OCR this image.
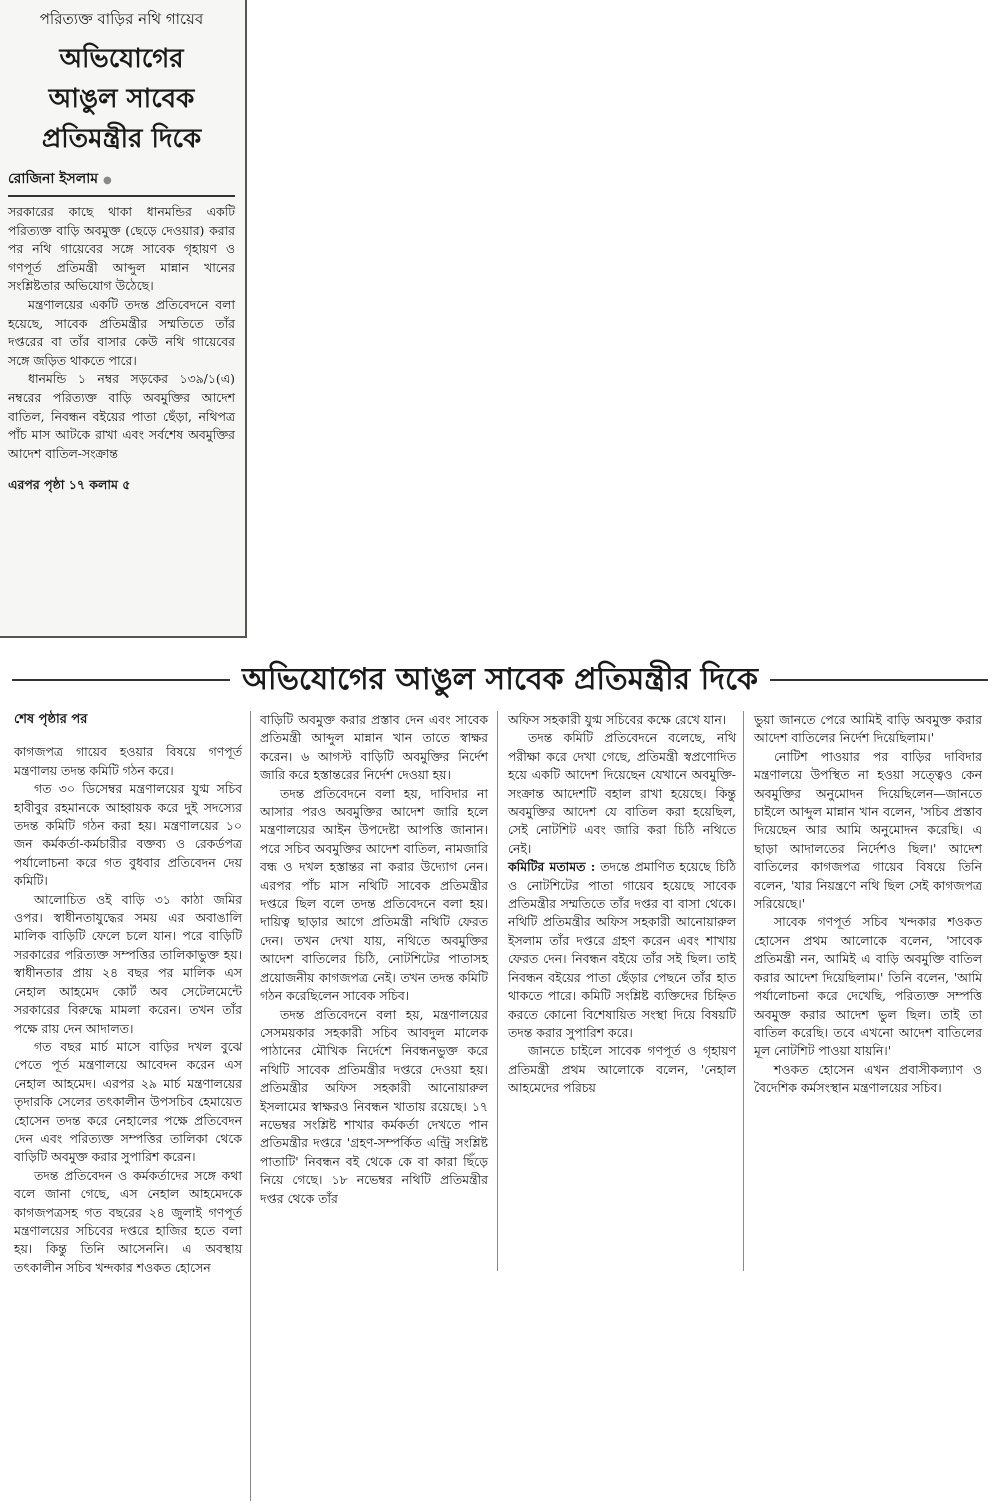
পরিত্যক্ত বাড়ির নথি গায়েব
অভিযোগের
আঙুল সাবেক
প্রতিমন্ত্রীর দিকে
রোজিনা ইসলাম ●

সরকারের কাছে থাকা ধানমন্ডির একটি পরিত্যক্ত বাড়ি অবমুক্ত (ছেড়ে দেওয়ার) করার পর নথি গায়েবের সঙ্গে সাবেক গৃহায়ণ ও গণপূর্ত প্রতিমন্ত্রী আব্দুল মান্নান খানের সংশ্লিষ্টতার অভিযোগ উঠেছে।

মন্ত্রণালয়ের একটি তদন্ত প্রতিবেদনে বলা হয়েছে, সাবেক প্রতিমন্ত্রীর সম্মতিতে তাঁর দপ্তরের বা তাঁর বাসার কেউ নথি গায়েবের সঙ্গে জড়িত থাকতে পারে।

ধানমন্ডি ১ নম্বর সড়কের ১৩৯/১(এ) নম্বরের পরিত্যক্ত বাড়ি অবমুক্তির আদেশ বাতিল, নিবন্ধন বইয়ের পাতা ছেঁড়া, নথিপত্র পাঁচ মাস আটকে রাখা এবং সর্বশেষ অবমুক্তির আদেশ বাতিল-সংক্রান্ত

এরপর পৃষ্ঠা ১৭ কলাম ৫
অভিযোগের আঙুল সাবেক প্রতিমন্ত্রীর দিকে

শেষ পৃষ্ঠার পর

কাগজপত্র গায়েব হওয়ার বিষয়ে গণপূর্ত মন্ত্রণালয় তদন্ত কমিটি গঠন করে।

গত ৩০ ডিসেম্বর মন্ত্রণালয়ের যুগ্ম সচিব হাবীবুর রহমানকে আহ্বায়ক করে দুই সদস্যের তদন্ত কমিটি গঠন করা হয়। মন্ত্রণালয়ের ১০ জন কর্মকর্তা-কর্মচারীর বক্তব্য ও রেকর্ডপত্র পর্যালোচনা করে গত বুধবার প্রতিবেদন দেয় কমিটি।

আলোচিত ওই বাড়ি ৩১ কাঠা জমির ওপর। স্বাধীনতাযুদ্ধের সময় এর অবাঙালি মালিক বাড়িটি ফেলে চলে যান। পরে বাড়িটি সরকারের পরিত্যক্ত সম্পত্তির তালিকাভুক্ত হয়। স্বাধীনতার প্রায় ২৪ বছর পর মালিক এস নেহাল আহমেদ কোর্ট অব সেটেলমেন্টে সরকারের বিরুদ্ধে মামলা করেন। তখন তাঁর পক্ষে রায় দেন আদালত।

গত বছর মার্চ মাসে বাড়ির দখল বুঝে পেতে পূর্ত মন্ত্রণালয়ে আবেদন করেন এস নেহাল আহমেদ। এরপর ২৯ মার্চ মন্ত্রণালয়ের তৃদারকি সেলের তৎকালীন উপসচিব হেমায়েত হোসেন তদন্ত করে নেহালের পক্ষে প্রতিবেদন দেন এবং পরিত্যক্ত সম্পত্তির তালিকা থেকে বাড়িটি অবমুক্ত করার সুপারিশ করেন।

তদন্ত প্রতিবেদন ও কর্মকর্তাদের সঙ্গে কথা বলে জানা গেছে, এস নেহাল আহমেদকে কাগজপত্রসহ গত বছরের ২৪ জুলাই গণপূর্ত মন্ত্রণালয়ের সচিবের দপ্তরে হাজির হতে বলা হয়। কিন্তু তিনি আসেননি। এ অবস্থায় তৎকালীন সচিব খন্দকার শওকত হোসেন

বাড়িটি অবমুক্ত করার প্রস্তাব দেন এবং সাবেক প্রতিমন্ত্রী আব্দুল মান্নান খান তাতে স্বাক্ষর করেন। ৬ আগস্ট বাড়িটি অবমুক্তির নির্দেশ জারি করে হস্তান্তরের নির্দেশ দেওয়া হয়।

তদন্ত প্রতিবেদনে বলা হয়, দাবিদার না আসার পরও অবমুক্তির আদেশ জারি হলে মন্ত্রণালয়ের আইন উপদেষ্টা আপত্তি জানান। পরে সচিব অবমুক্তির আদেশ বাতিল, নামজারি বন্ধ ও দখল হস্তান্তর না করার উদ্যোগ নেন। এরপর পাঁচ মাস নথিটি সাবেক প্রতিমন্ত্রীর দপ্তরে ছিল বলে তদন্ত প্রতিবেদনে বলা হয়। দায়িত্ব ছাড়ার আগে প্রতিমন্ত্রী নথিটি ফেরত দেন। তখন দেখা যায়, নথিতে অবমুক্তির আদেশ বাতিলের চিঠি, নোটশিটের পাতাসহ প্রয়োজনীয় কাগজপত্র নেই। তখন তদন্ত কমিটি গঠন করেছিলেন সাবেক সচিব।

তদন্ত প্রতিবেদনে বলা হয়, মন্ত্রণালয়ের সেসময়কার সহকারী সচিব আবদুল মালেক পাঠানের মৌখিক নির্দেশে নিবন্ধনভুক্ত করে নথিটি সাবেক প্রতিমন্ত্রীর দপ্তরে দেওয়া হয়। প্রতিমন্ত্রীর অফিস সহকারী আনোয়ারুল ইসলামের স্বাক্ষরও নিবন্ধন খাতায় রয়েছে। ১৭ নভেম্বর সংশ্লিষ্ট শাখার কর্মকর্তা দেখতে পান প্রতিমন্ত্রীর দপ্তরে 'গ্রহণ-সম্পর্কিত এন্ট্রি সংশ্লিষ্ট পাতাটি' নিবন্ধন বই থেকে কে বা কারা ছিঁড়ে নিয়ে গেছে। ১৮ নভেম্বর নথিটি প্রতিমন্ত্রীর দপ্তর থেকে তাঁর

অফিস সহকারী যুগ্ম সচিবের কক্ষে রেখে যান।

তদন্ত কমিটি প্রতিবেদনে বলেছে, নথি পরীক্ষা করে দেখা গেছে, প্রতিমন্ত্রী স্বপ্রণোদিত হয়ে একটি আদেশ দিয়েছেন যেখানে অবমুক্তি-সংক্রান্ত আদেশটি বহাল রাখা হয়েছে। কিন্তু অবমুক্তির আদেশ যে বাতিল করা হয়েছিল, সেই নোটশিট এবং জারি করা চিঠি নথিতে নেই।

কমিটির মতামত : তদন্তে প্রমাণিত হয়েছে চিঠি ও নোটশিটের পাতা গায়েব হয়েছে সাবেক প্রতিমন্ত্রীর সম্মতিতে তাঁর দপ্তর বা বাসা থেকে। নথিটি প্রতিমন্ত্রীর অফিস সহকারী আনোয়ারুল ইসলাম তাঁর দপ্তরে গ্রহণ করেন এবং শাখায় ফেরত দেন। নিবন্ধন বইয়ে তাঁর সই ছিল। তাই নিবন্ধন বইয়ের পাতা ছেঁড়ার পেছনে তাঁর হাত থাকতে পারে। কমিটি সংশ্লিষ্ট ব্যক্তিদের চিহ্নিত করতে কোনো বিশেষায়িত সংস্থা দিয়ে বিষয়টি তদন্ত করার সুপারিশ করে।

জানতে চাইলে সাবেক গণপূর্ত ও গৃহায়ণ প্রতিমন্ত্রী প্রথম আলোকে বলেন, 'নেহাল আহমেদের পরিচয়

ভুয়া জানতে পেরে আমিই বাড়ি অবমুক্ত করার আদেশ বাতিলের নির্দেশ দিয়েছিলাম।'

নোটিশ পাওয়ার পর বাড়ির দাবিদার মন্ত্রণালয়ে উপস্থিত না হওয়া সত্ত্বেও কেন অবমুক্তির অনুমোদন দিয়েছিলেন—জানতে চাইলে আব্দুল মান্নান খান বলেন, 'সচিব প্রস্তাব দিয়েছেন আর আমি অনুমোদন করেছি। এ ছাড়া আদালতের নির্দেশও ছিল।' আদেশ বাতিলের কাগজপত্র গায়েব বিষয়ে তিনি বলেন, 'যার নিয়ন্ত্রণে নথি ছিল সেই কাগজপত্র সরিয়েছে।'

সাবেক গণপূর্ত সচিব খন্দকার শওকত হোসেন প্রথম আলোকে বলেন, 'সাবেক প্রতিমন্ত্রী নন, আমিই এ বাড়ি অবমুক্তি বাতিল করার আদেশ দিয়েছিলাম।' তিনি বলেন, 'আমি পর্যালোচনা করে দেখেছি, পরিত্যক্ত সম্পত্তি অবমুক্ত করার আদেশ ভুল ছিল। তাই তা বাতিল করেছি। তবে এখনো আদেশ বাতিলের মূল নোটশিট পাওয়া যায়নি।'

শওকত হোসেন এখন প্রবাসীকল্যাণ ও বৈদেশিক কর্মসংস্থান মন্ত্রণালয়ের সচিব।
